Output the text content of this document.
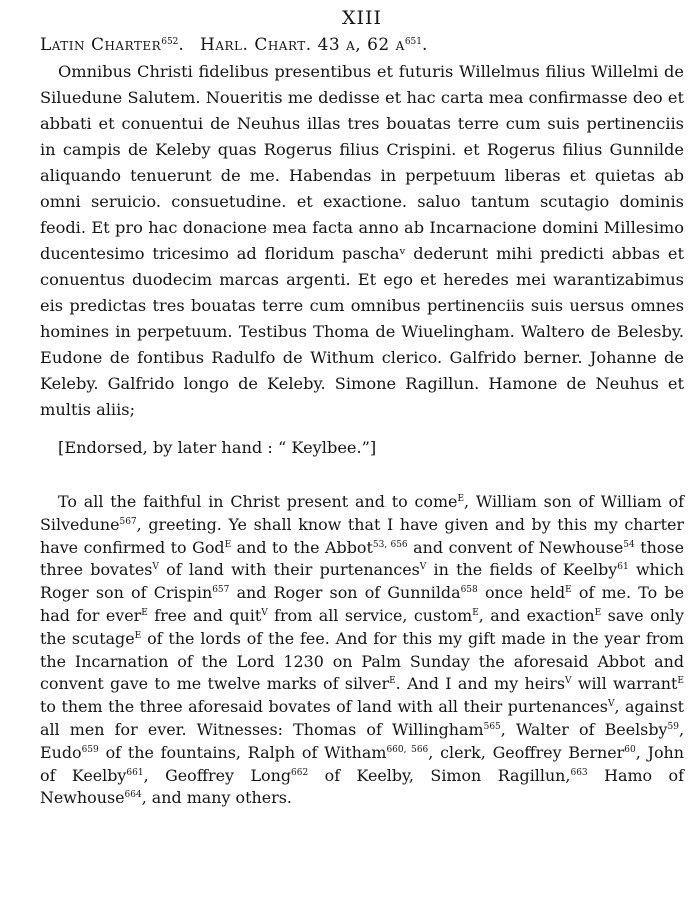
XIII
Latin Charter$^{652}$.   Harl. Chart. 43 a, 62 $a^{651}$.

Omnibus Christi fidelibus presentibus et futuris Willelmus filius Willelmi de Siluedune Salutem. Noueritis me dedisse et hac carta mea confirmasse deo et abbati et conuentui de Neuhus illas tres bouatas terre cum suis pertinenciis in campis de Keleby quas Rogerus filius Crispini. et Rogerus filius Gunnilde aliquando tenuerunt de me. Habendas in perpetuum liberas et quietas ab omni seruicio. consuetudine. et exactione. saluo tantum scutagio dominis feodi. Et pro hac donacione mea facta anno ab Incarnacione domini Millesimo ducentesimo tricesimo ad floridum paschaᵛ dederunt mihi predicti abbas et conuentus duodecim marcas argenti. Et ego et heredes mei warantizabimus eis predictas tres bouatas terre cum omnibus pertinenciis suis uersus omnes homines in perpetuum. Testibus Thoma de Wiuelingham. Waltero de Belesby. Eudone de fontibus Radulfo de Withum clerico. Galfrido berner. Johanne de Keleby. Galfrido longo de Keleby. Simone Ragillun. Hamone de Neuhus et multis aliis;

[Endorsed, by later hand : “ Keylbee.”]

To all the faithful in Christ present and to come$^E$, William son of William of Silvedune$^{567}$, greeting. Ye shall know that I have given and by this my charter have confirmed to God$^E$ and to the Abbot$^{53, 656}$ and convent of Newhouse$^{54}$ those three bovates$^V$ of land with their purtenances$^V$ in the fields of Keelby$^{61}$ which Roger son of Crispin$^{657}$ and Roger son of Gunnilda$^{658}$ once held$^E$ of me. To be had for ever$^E$ free and quit$^V$ from all service, custom$^E$, and exaction$^E$ save only the scutage$^E$ of the lords of the fee. And for this my gift made in the year from the Incarnation of the Lord 1230 on Palm Sunday the aforesaid Abbot and convent gave to me twelve marks of silver$^E$. And I and my heirs$^V$ will warrant$^E$ to them the three aforesaid bovates of land with all their purtenances$^V$, against all men for ever. Witnesses: Thomas of Willingham$^{565}$, Walter of Beelsby$^{59}$, Eudo$^{659}$ of the fountains, Ralph of Witham$^{660, 566}$, clerk, Geoffrey Berner$^{60}$, John of Keelby$^{661}$, Geoffrey Long$^{662}$ of Keelby, Simon Ragillun,$^{663}$ Hamo of Newhouse$^{664}$, and many others.
